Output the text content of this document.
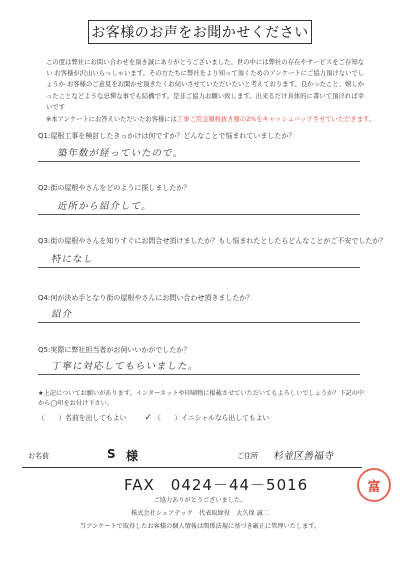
お客様のお声をお聞かせください
この度は弊社にお問い合わせを頂き誠にありがとうございました。世の中には弊社の存在やサービスをご存知ない お客様が沢山いらっしゃいます。その方たちに弊社をより知って頂くためのアンケートにご協力頂けないでしょうか お客様のご意見をお聞かせ頂きたくお伺いさせていただいたいと考えております。良かったこと、嬉しかったことなどような忌憚な事でも結構です。是非ご協力お願い致します。出来るだけ具体的に書いて頂ければ幸いです
※本アンケートにお答えいただいたお客様には工事ご用金額税抜き額の2%をキャッシュバックさせていただきます。
Q1:屋根工事を検討したきっかけは何ですか？どんなことで悩まれていましたか？
築年数が経っていたので。
Q2:街の屋根やさんをどのように探しましたか？
近所から紹介して。
Q3:街の屋根やさんを知りすぐにお問合せ頂けましたか？もし悩まれたとしたらどんなことがご不安でしたか？
特になし
Q4:何が決め手となり街の屋根やさんにお問い合わせ頂きましたか？
紹介
Q5:実際に弊社担当者がお伺いいかがでしたか？
丁寧に対応してもらいました。
★上記についてお願いがあります。インターネットや印刷物に掲載させていただいてもよろしいでしょうか？下記の中から◯印をお付け下さい。
（　　）名前を出してもよい ✓ （　　）イニシャルなら出してもよい
お名前	S 様	ご住所 杉並区善福寺
FAX　0424－44－5016	富
ご協力ありがとうございました。
株式会社シェアテック　代表取締役　大久保 誠二
当アンケートで取得したお客様の個人情報は関係法規に基づき厳正に管理いたします。
